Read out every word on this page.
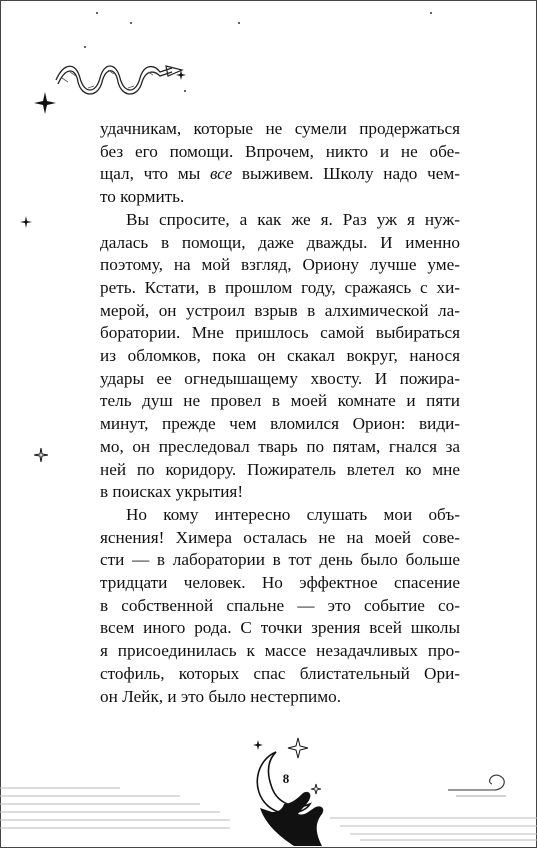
удачникам, которые не сумели продержаться
без его помощи. Впрочем, никто и не обе-
щал, что мы все выживем. Школу надо чем-
то кормить.

Вы спросите, а как же я. Раз уж я нуж-
далась в помощи, даже дважды. И именно
поэтому, на мой взгляд, Ориону лучше уме-
реть. Кстати, в прошлом году, сражаясь с хи-
мерой, он устроил взрыв в алхимической ла-
боратории. Мне пришлось самой выбираться
из обломков, пока он скакал вокруг, нанося
удары ее огнедышащему хвосту. И пожира-
тель душ не провел в моей комнате и пяти
минут, прежде чем вломился Орион: види-
мо, он преследовал тварь по пятам, гнался за
ней по коридору. Пожиратель влетел ко мне
в поисках укрытия!

Но кому интересно слушать мои объ-
яснения! Химера осталась не на моей сове-
сти — в лаборатории в тот день было больше
тридцати человек. Но эффектное спасение
в собственной спальне — это событие со-
всем иного рода. С точки зрения всей школы
я присоединилась к массе незадачливых про-
стофиль, которых спас блистательный Ори-
он Лейк, и это было нестерпимо.

8
